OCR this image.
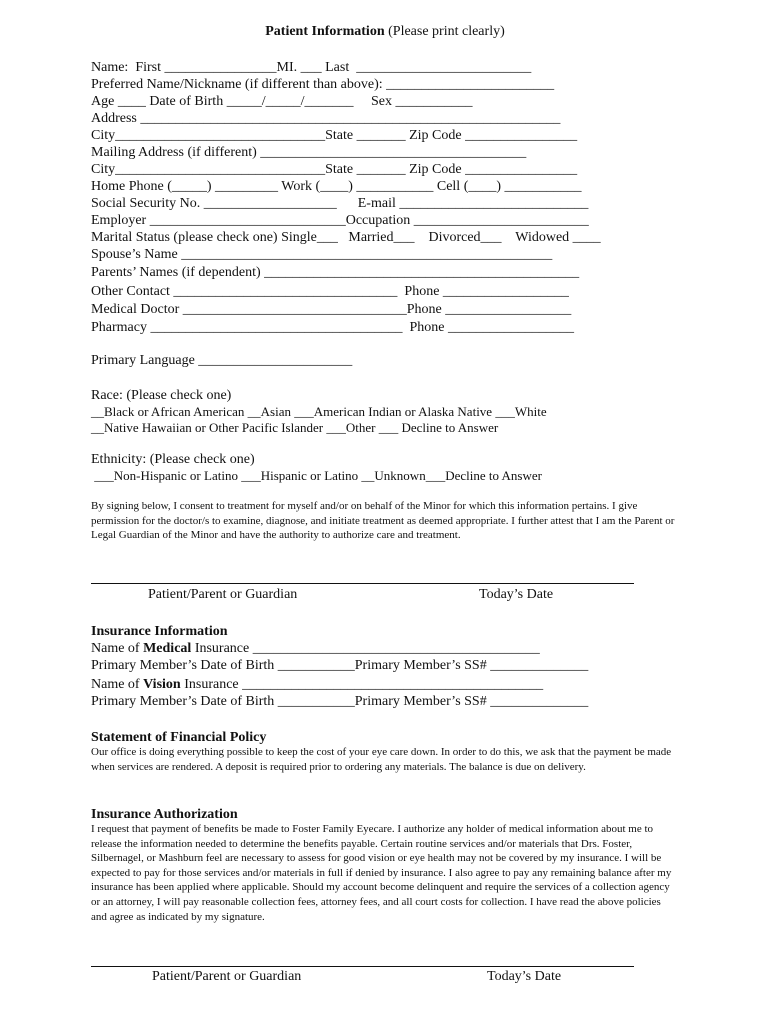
Patient Information (Please print clearly)
Name:  First ________________MI. ___ Last  _________________________
Preferred Name/Nickname (if different than above): ________________________
Age ____ Date of Birth _____/_____/_______     Sex ___________
Address ____________________________________________________________
City______________________________State _______ Zip Code ________________
Mailing Address (if different) ______________________________________
City______________________________State _______ Zip Code ________________
Home Phone (_____) _________ Work (____) ___________ Cell (____) ___________
Social Security No. ___________________      E-mail ___________________________
Employer ____________________________Occupation _________________________
Marital Status (please check one) Single___   Married___    Divorced___    Widowed ____
Spouse’s Name _____________________________________________________
Parents’ Names (if dependent) _____________________________________________
Other Contact ________________________________  Phone __________________
Medical Doctor ________________________________Phone __________________
Pharmacy ____________________________________  Phone __________________
Primary Language ______________________
Race: (Please check one)
__Black or African American __Asian ___American Indian or Alaska Native ___White
__Native Hawaiian or Other Pacific Islander ___Other ___ Decline to Answer
Ethnicity: (Please check one)
___Non-Hispanic or Latino ___Hispanic or Latino __Unknown___Decline to Answer
By signing below, I consent to treatment for myself and/or on behalf of the Minor for which this information pertains. I give permission for the doctor/s to examine, diagnose, and initiate treatment as deemed appropriate. I further attest that I am the Parent or Legal Guardian of the Minor and have the authority to authorize care and treatment.
Patient/Parent or Guardian	Today’s Date
Insurance Information
Name of Medical Insurance _________________________________________
Primary Member’s Date of Birth ___________Primary Member’s SS# ______________
Name of Vision Insurance ___________________________________________
Primary Member’s Date of Birth ___________Primary Member’s SS# ______________
Statement of Financial Policy
Our office is doing everything possible to keep the cost of your eye care down. In order to do this, we ask that the payment be made when services are rendered. A deposit is required prior to ordering any materials. The balance is due on delivery.
Insurance Authorization
I request that payment of benefits be made to Foster Family Eyecare. I authorize any holder of medical information about me to release the information needed to determine the benefits payable. Certain routine services and/or materials that Drs. Foster, Silbernagel, or Mashburn feel are necessary to assess for good vision or eye health may not be covered by my insurance. I will be expected to pay for those services and/or materials in full if denied by insurance. I also agree to pay any remaining balance after my insurance has been applied where applicable. Should my account become delinquent and require the services of a collection agency or an attorney, I will pay reasonable collection fees, attorney fees, and all court costs for collection. I have read the above policies and agree as indicated by my signature.
Patient/Parent or Guardian	Today’s Date
